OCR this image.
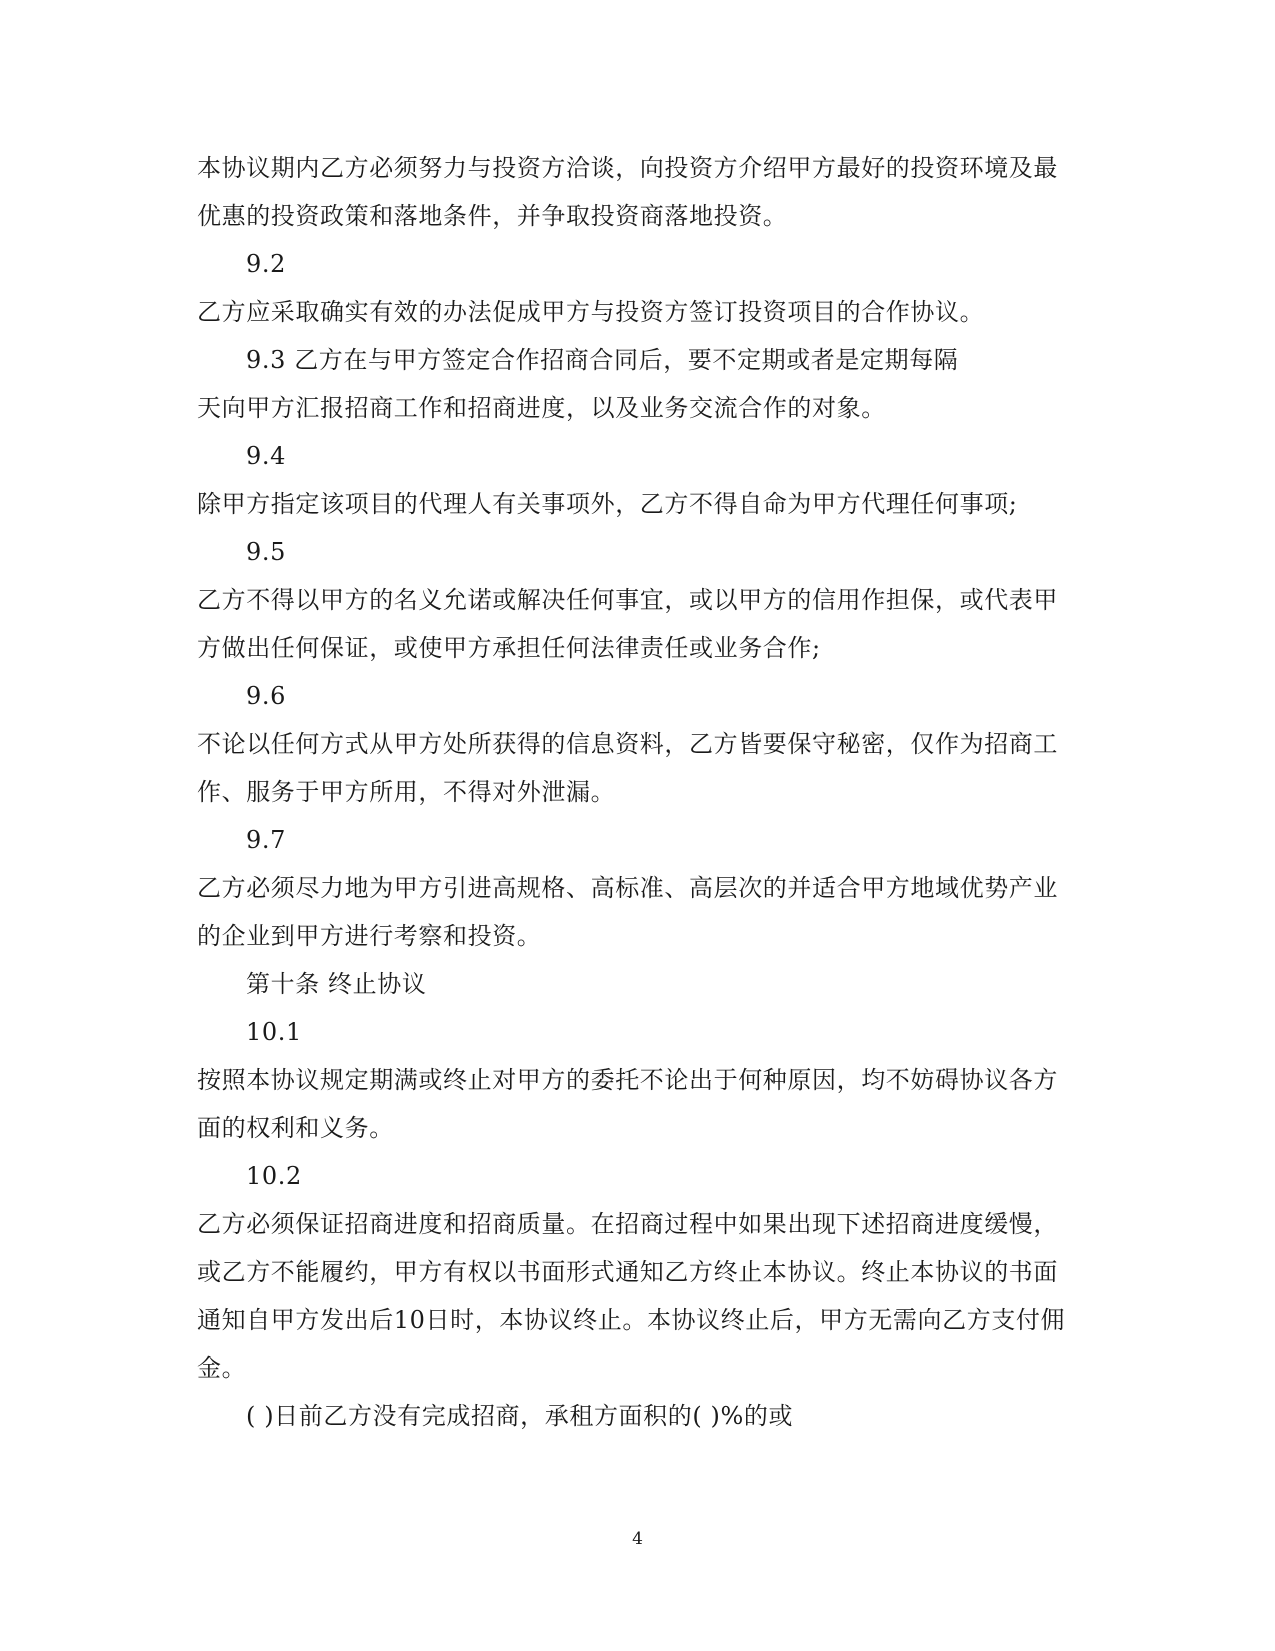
本协议期内乙方必须努力与投资方洽谈，向投资方介绍甲方最好的投资环境及最
优惠的投资政策和落地条件，并争取投资商落地投资。
9.2
乙方应采取确实有效的办法促成甲方与投资方签订投资项目的合作协议。
9.3 乙方在与甲方签定合作招商合同后，要不定期或者是定期每隔
天向甲方汇报招商工作和招商进度，以及业务交流合作的对象。
9.4
除甲方指定该项目的代理人有关事项外，乙方不得自命为甲方代理任何事项;
9.5
乙方不得以甲方的名义允诺或解决任何事宜，或以甲方的信用作担保，或代表甲
方做出任何保证，或使甲方承担任何法律责任或业务合作;
9.6
不论以任何方式从甲方处所获得的信息资料，乙方皆要保守秘密，仅作为招商工
作、服务于甲方所用，不得对外泄漏。
9.7
乙方必须尽力地为甲方引进高规格、高标准、高层次的并适合甲方地域优势产业
的企业到甲方进行考察和投资。
第十条 终止协议
10.1
按照本协议规定期满或终止对甲方的委托不论出于何种原因，均不妨碍协议各方
面的权利和义务。
10.2
乙方必须保证招商进度和招商质量。在招商过程中如果出现下述招商进度缓慢，
或乙方不能履约，甲方有权以书面形式通知乙方终止本协议。终止本协议的书面
通知自甲方发出后10日时，本协议终止。本协议终止后，甲方无需向乙方支付佣
金。
( )日前乙方没有完成招商，承租方面积的( )%的或
4
